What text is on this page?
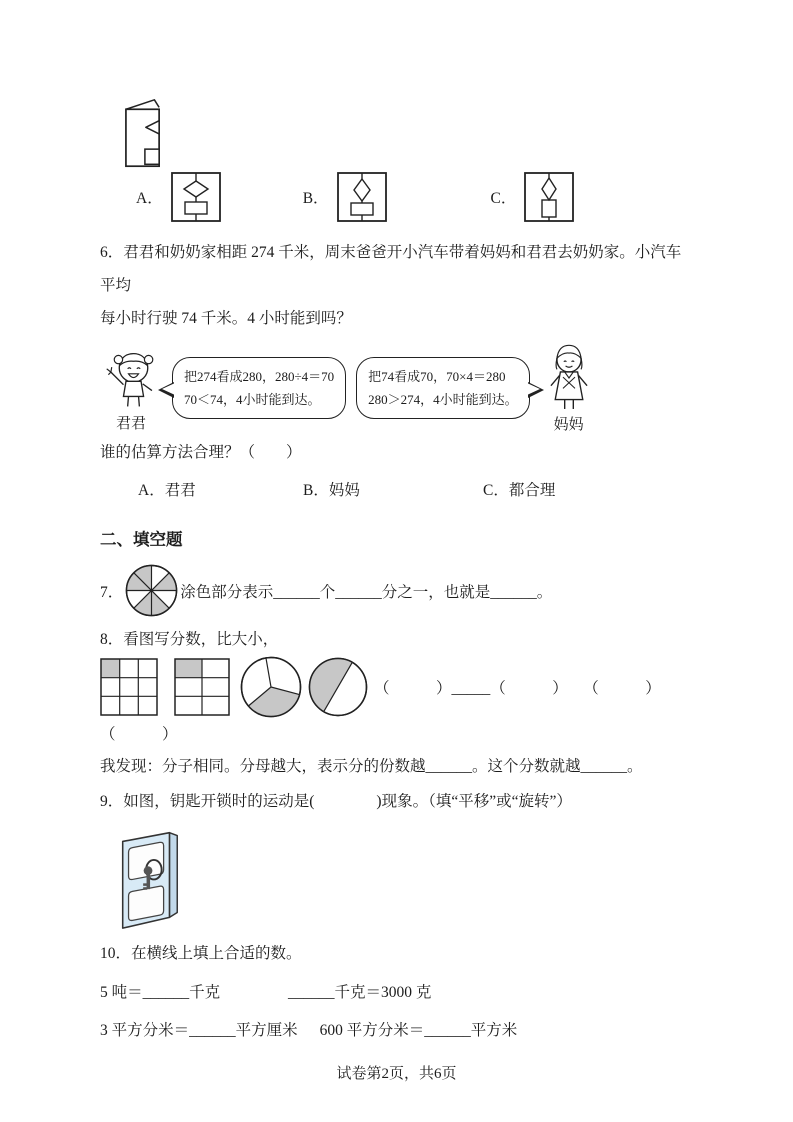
A．	B．	C．

6．君君和奶奶家相距 274 千米，周末爸爸开小汽车带着妈妈和君君去奶奶家。小汽车平均
每小时行驶 74 千米。4 小时能到吗？

君君
把274看成280，280÷4＝70
70＜74，4小时能到达。
把74看成70，70×4＝280
280＞274，4小时能到达。
妈妈

谁的估算方法合理？（　　）

A．君君	B．妈妈	C．都合理
二、填空题
7．	涂色部分表示______个______分之一，也就是______。

8．看图写分数，比大小，

（　　　）_____（　　　）　　（　　　）

（　　　）

我发现：分子相同。分母越大，表示分的份数越______。这个分数就越______。

9．如图，钥匙开锁时的运动是(　　　　)现象。（填“平移”或“旋转”）

10．在横线上填上合适的数。

5 吨＝______千克	______千克＝3000 克
3 平方分米＝______平方厘米 600 平方分米＝______平方米
试卷第2页，共6页
